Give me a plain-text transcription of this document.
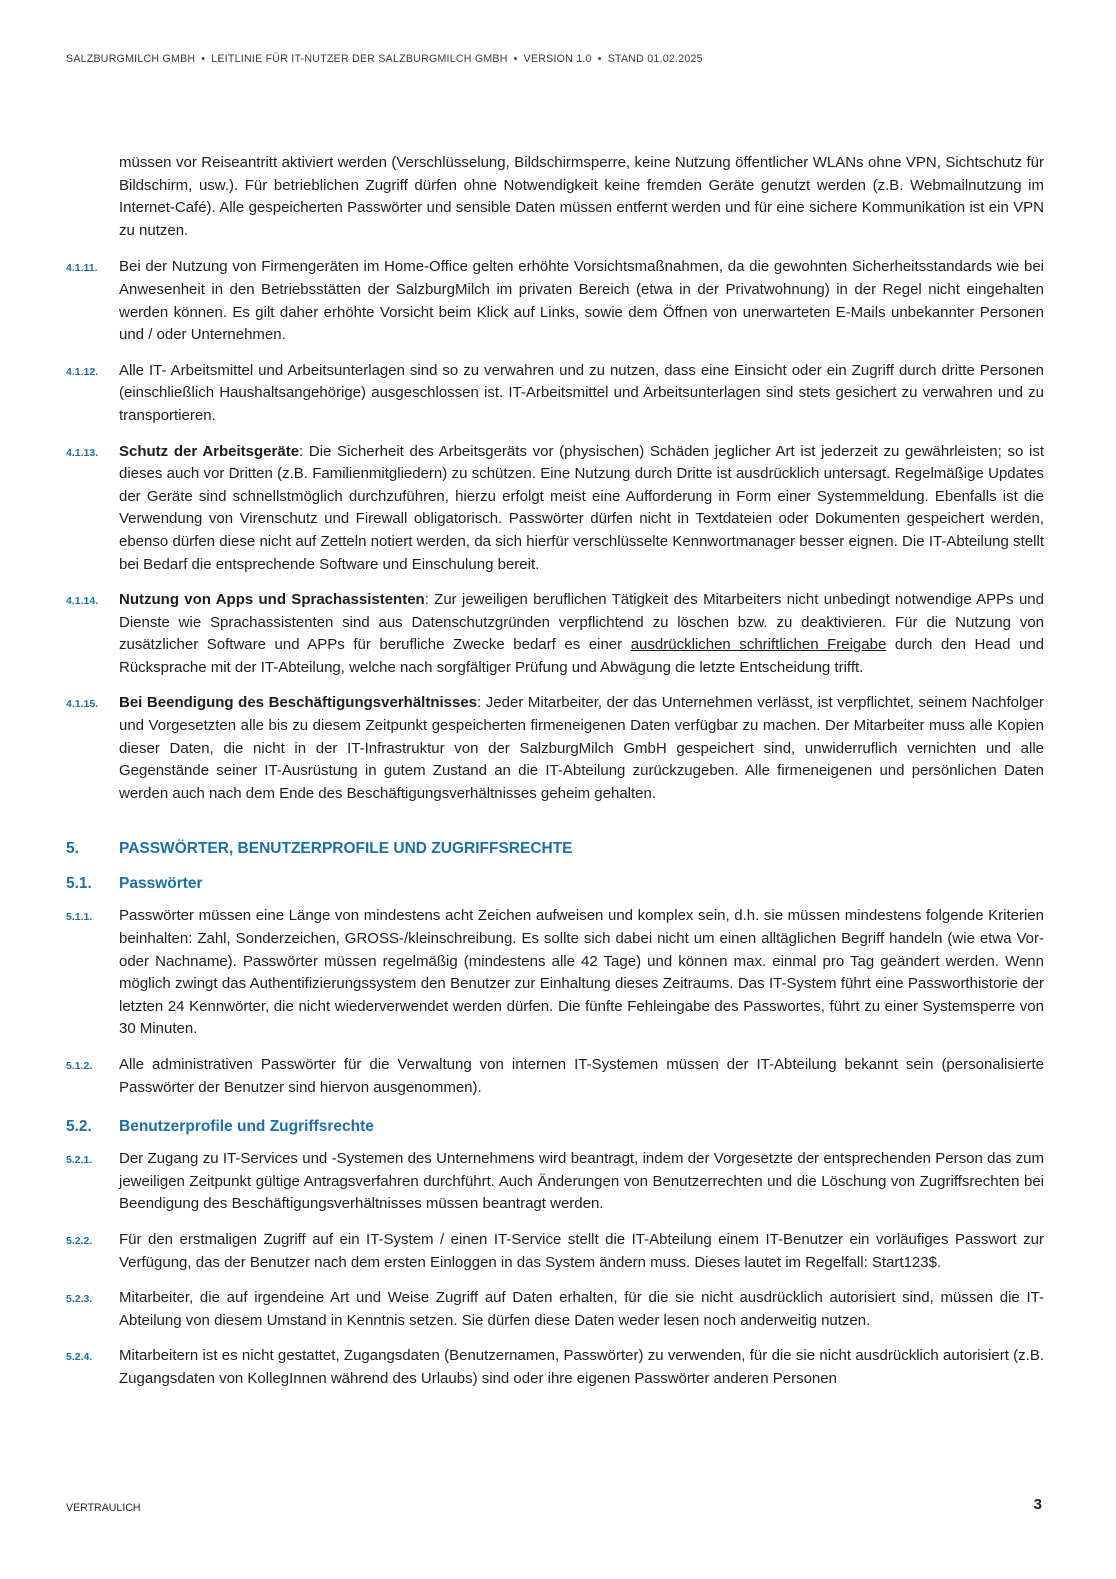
SALZBURGMILCH GMBH • LEITLINIE FÜR IT-NUTZER DER SALZBURGMILCH GMBH • VERSION 1.0 • STAND 01.02.2025
müssen vor Reiseantritt aktiviert werden (Verschlüsselung, Bildschirmsperre, keine Nutzung öffentlicher WLANs ohne VPN, Sichtschutz für Bildschirm, usw.). Für betrieblichen Zugriff dürfen ohne Notwendigkeit keine fremden Geräte genutzt werden (z.B. Webmailnutzung im Internet-Café). Alle gespeicherten Passwörter und sensible Daten müssen entfernt werden und für eine sichere Kommunikation ist ein VPN zu nutzen.
4.1.11.	Bei der Nutzung von Firmengeräten im Home-Office gelten erhöhte Vorsichtsmaßnahmen, da die gewohnten Sicherheitsstandards wie bei Anwesenheit in den Betriebsstätten der SalzburgMilch im privaten Bereich (etwa in der Privatwohnung) in der Regel nicht eingehalten werden können. Es gilt daher erhöhte Vorsicht beim Klick auf Links, sowie dem Öffnen von unerwarteten E-Mails unbekannter Personen und / oder Unternehmen.
4.1.12.	Alle IT- Arbeitsmittel und Arbeitsunterlagen sind so zu verwahren und zu nutzen, dass eine Einsicht oder ein Zugriff durch dritte Personen (einschließlich Haushaltsangehörige) ausgeschlossen ist. IT-Arbeitsmittel und Arbeitsunterlagen sind stets gesichert zu verwahren und zu transportieren.
4.1.13.	Schutz der Arbeitsgeräte: Die Sicherheit des Arbeitsgeräts vor (physischen) Schäden jeglicher Art ist jederzeit zu gewährleisten; so ist dieses auch vor Dritten (z.B. Familienmitgliedern) zu schützen. Eine Nutzung durch Dritte ist ausdrücklich untersagt. Regelmäßige Updates der Geräte sind schnellstmöglich durchzuführen, hierzu erfolgt meist eine Aufforderung in Form einer Systemmeldung. Ebenfalls ist die Verwendung von Virenschutz und Firewall obligatorisch. Passwörter dürfen nicht in Textdateien oder Dokumenten gespeichert werden, ebenso dürfen diese nicht auf Zetteln notiert werden, da sich hierfür verschlüsselte Kennwortmanager besser eignen. Die IT-Abteilung stellt bei Bedarf die entsprechende Software und Einschulung bereit.
4.1.14.	Nutzung von Apps und Sprachassistenten: Zur jeweiligen beruflichen Tätigkeit des Mitarbeiters nicht unbedingt notwendige APPs und Dienste wie Sprachassistenten sind aus Datenschutzgründen verpflichtend zu löschen bzw. zu deaktivieren. Für die Nutzung von zusätzlicher Software und APPs für berufliche Zwecke bedarf es einer ausdrücklichen schriftlichen Freigabe durch den Head und Rücksprache mit der IT-Abteilung, welche nach sorgfältiger Prüfung und Abwägung die letzte Entscheidung trifft.
4.1.15.	Bei Beendigung des Beschäftigungsverhältnisses: Jeder Mitarbeiter, der das Unternehmen verlässt, ist verpflichtet, seinem Nachfolger und Vorgesetzten alle bis zu diesem Zeitpunkt gespeicherten firmeneigenen Daten verfügbar zu machen. Der Mitarbeiter muss alle Kopien dieser Daten, die nicht in der IT-Infrastruktur von der SalzburgMilch GmbH gespeichert sind, unwiderruflich vernichten und alle Gegenstände seiner IT-Ausrüstung in gutem Zustand an die IT-Abteilung zurückzugeben. Alle firmeneigenen und persönlichen Daten werden auch nach dem Ende des Beschäftigungsverhältnisses geheim gehalten.
5.	PASSWÖRTER, BENUTZERPROFILE UND ZUGRIFFSRECHTE
5.1.	Passwörter
5.1.1.	Passwörter müssen eine Länge von mindestens acht Zeichen aufweisen und komplex sein, d.h. sie müssen mindestens folgende Kriterien beinhalten: Zahl, Sonderzeichen, GROSS-/kleinschreibung. Es sollte sich dabei nicht um einen alltäglichen Begriff handeln (wie etwa Vor- oder Nachname). Passwörter müssen regelmäßig (mindestens alle 42 Tage) und können max. einmal pro Tag geändert werden. Wenn möglich zwingt das Authentifizierungssystem den Benutzer zur Einhaltung dieses Zeitraums. Das IT-System führt eine Passworthistorie der letzten 24 Kennwörter, die nicht wiederverwendet werden dürfen. Die fünfte Fehleingabe des Passwortes, führt zu einer Systemsperre von 30 Minuten.
5.1.2.	Alle administrativen Passwörter für die Verwaltung von internen IT-Systemen müssen der IT-Abteilung bekannt sein (personalisierte Passwörter der Benutzer sind hiervon ausgenommen).
5.2.	Benutzerprofile und Zugriffsrechte
5.2.1.	Der Zugang zu IT-Services und -Systemen des Unternehmens wird beantragt, indem der Vorgesetzte der entsprechenden Person das zum jeweiligen Zeitpunkt gültige Antragsverfahren durchführt. Auch Änderungen von Benutzerrechten und die Löschung von Zugriffsrechten bei Beendigung des Beschäftigungsverhältnisses müssen beantragt werden.
5.2.2.	Für den erstmaligen Zugriff auf ein IT-System / einen IT-Service stellt die IT-Abteilung einem IT-Benutzer ein vorläufiges Passwort zur Verfügung, das der Benutzer nach dem ersten Einloggen in das System ändern muss. Dieses lautet im Regelfall: Start123$.
5.2.3.	Mitarbeiter, die auf irgendeine Art und Weise Zugriff auf Daten erhalten, für die sie nicht ausdrücklich autorisiert sind, müssen die IT-Abteilung von diesem Umstand in Kenntnis setzen. Sie dürfen diese Daten weder lesen noch anderweitig nutzen.
5.2.4.	Mitarbeitern ist es nicht gestattet, Zugangsdaten (Benutzernamen, Passwörter) zu verwenden, für die sie nicht ausdrücklich autorisiert (z.B. Zugangsdaten von KollegInnen während des Urlaubs) sind oder ihre eigenen Passwörter anderen Personen
VERTRAULICH	3
